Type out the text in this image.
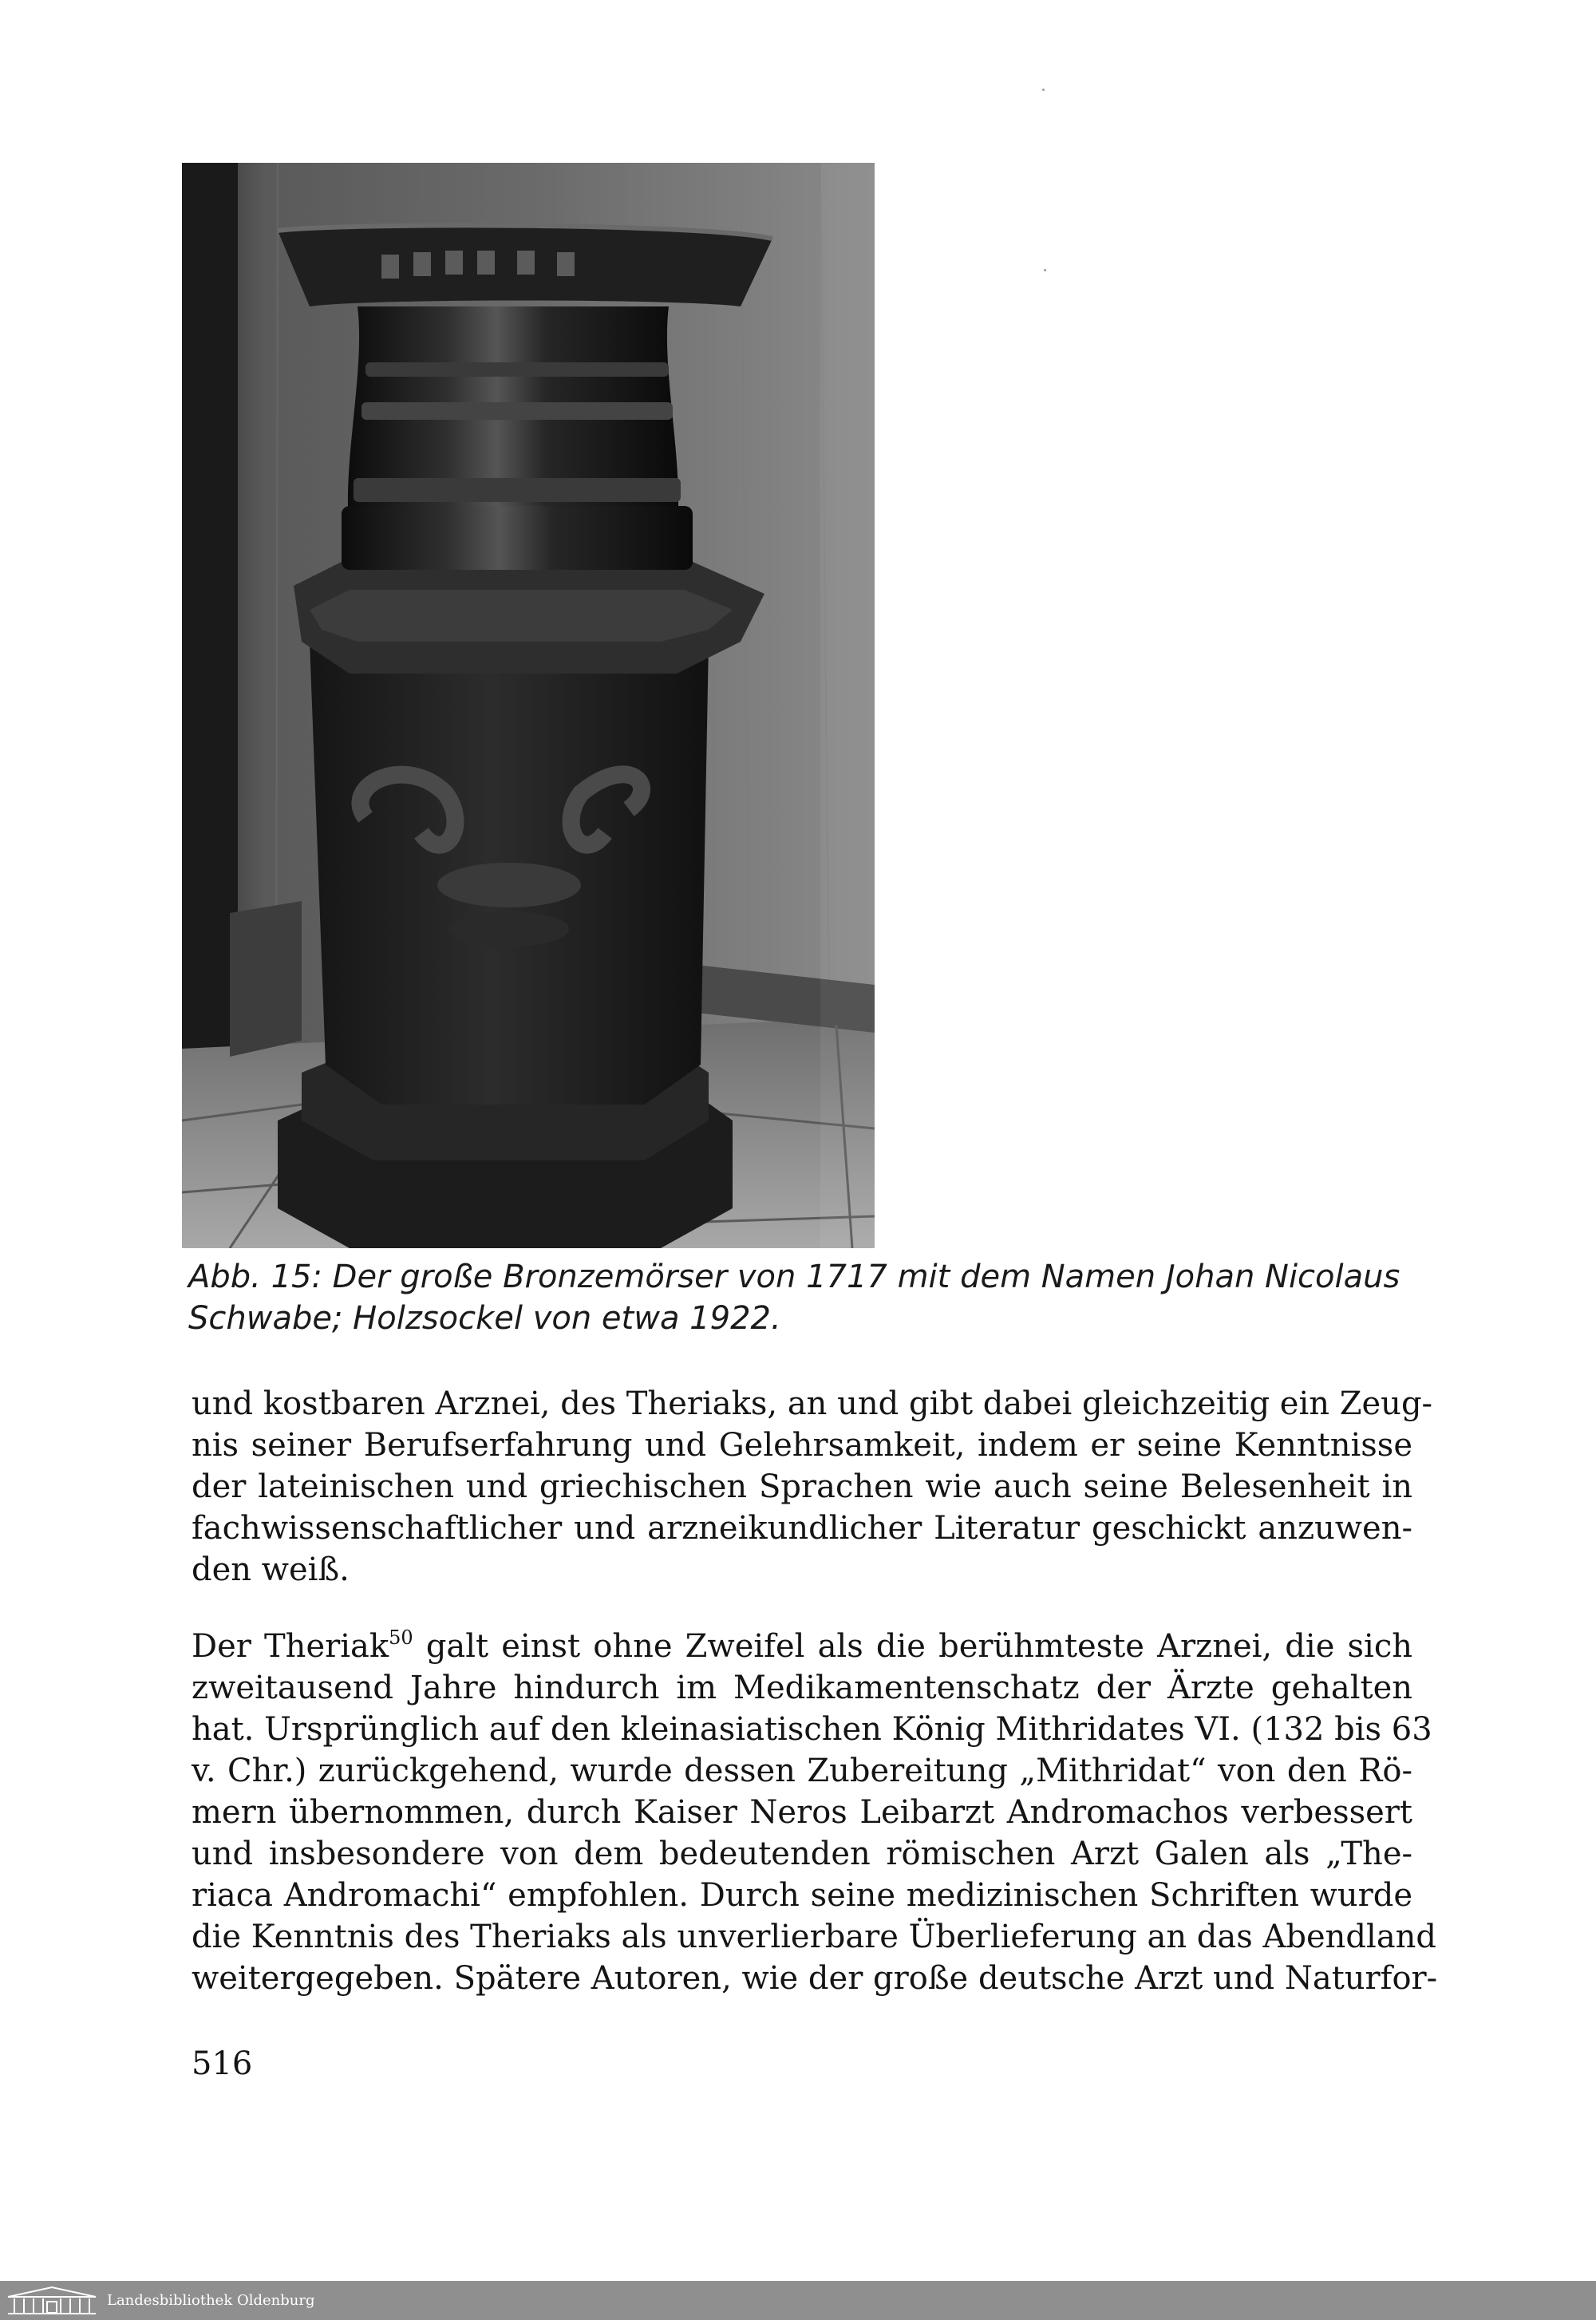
Abb. 15: Der große Bronzemörser von 1717 mit dem Namen Johan Nicolaus
Schwabe; Holzsockel von etwa 1922.
und kostbaren Arznei, des Theriaks, an und gibt dabei gleichzeitig ein Zeug-
nis seiner Berufserfahrung und Gelehrsamkeit, indem er seine Kenntnisse
der lateinischen und griechischen Sprachen wie auch seine Belesenheit in
fachwissenschaftlicher und arzneikundlicher Literatur geschickt anzuwen-
den weiß.
Der Theriak$^{50}$ galt einst ohne Zweifel als die berühmteste Arznei, die sich
zweitausend Jahre hindurch im Medikamentenschatz der Ärzte gehalten
hat. Ursprünglich auf den kleinasiatischen König Mithridates VI. (132 bis 63
v. Chr.) zurückgehend, wurde dessen Zubereitung „Mithridat“ von den Rö-
mern übernommen, durch Kaiser Neros Leibarzt Andromachos verbessert
und insbesondere von dem bedeutenden römischen Arzt Galen als „The-
riaca Andromachi“ empfohlen. Durch seine medizinischen Schriften wurde
die Kenntnis des Theriaks als unverlierbare Überlieferung an das Abendland
weitergegeben. Spätere Autoren, wie der große deutsche Arzt und Naturfor-
516
Landesbibliothek Oldenburg
